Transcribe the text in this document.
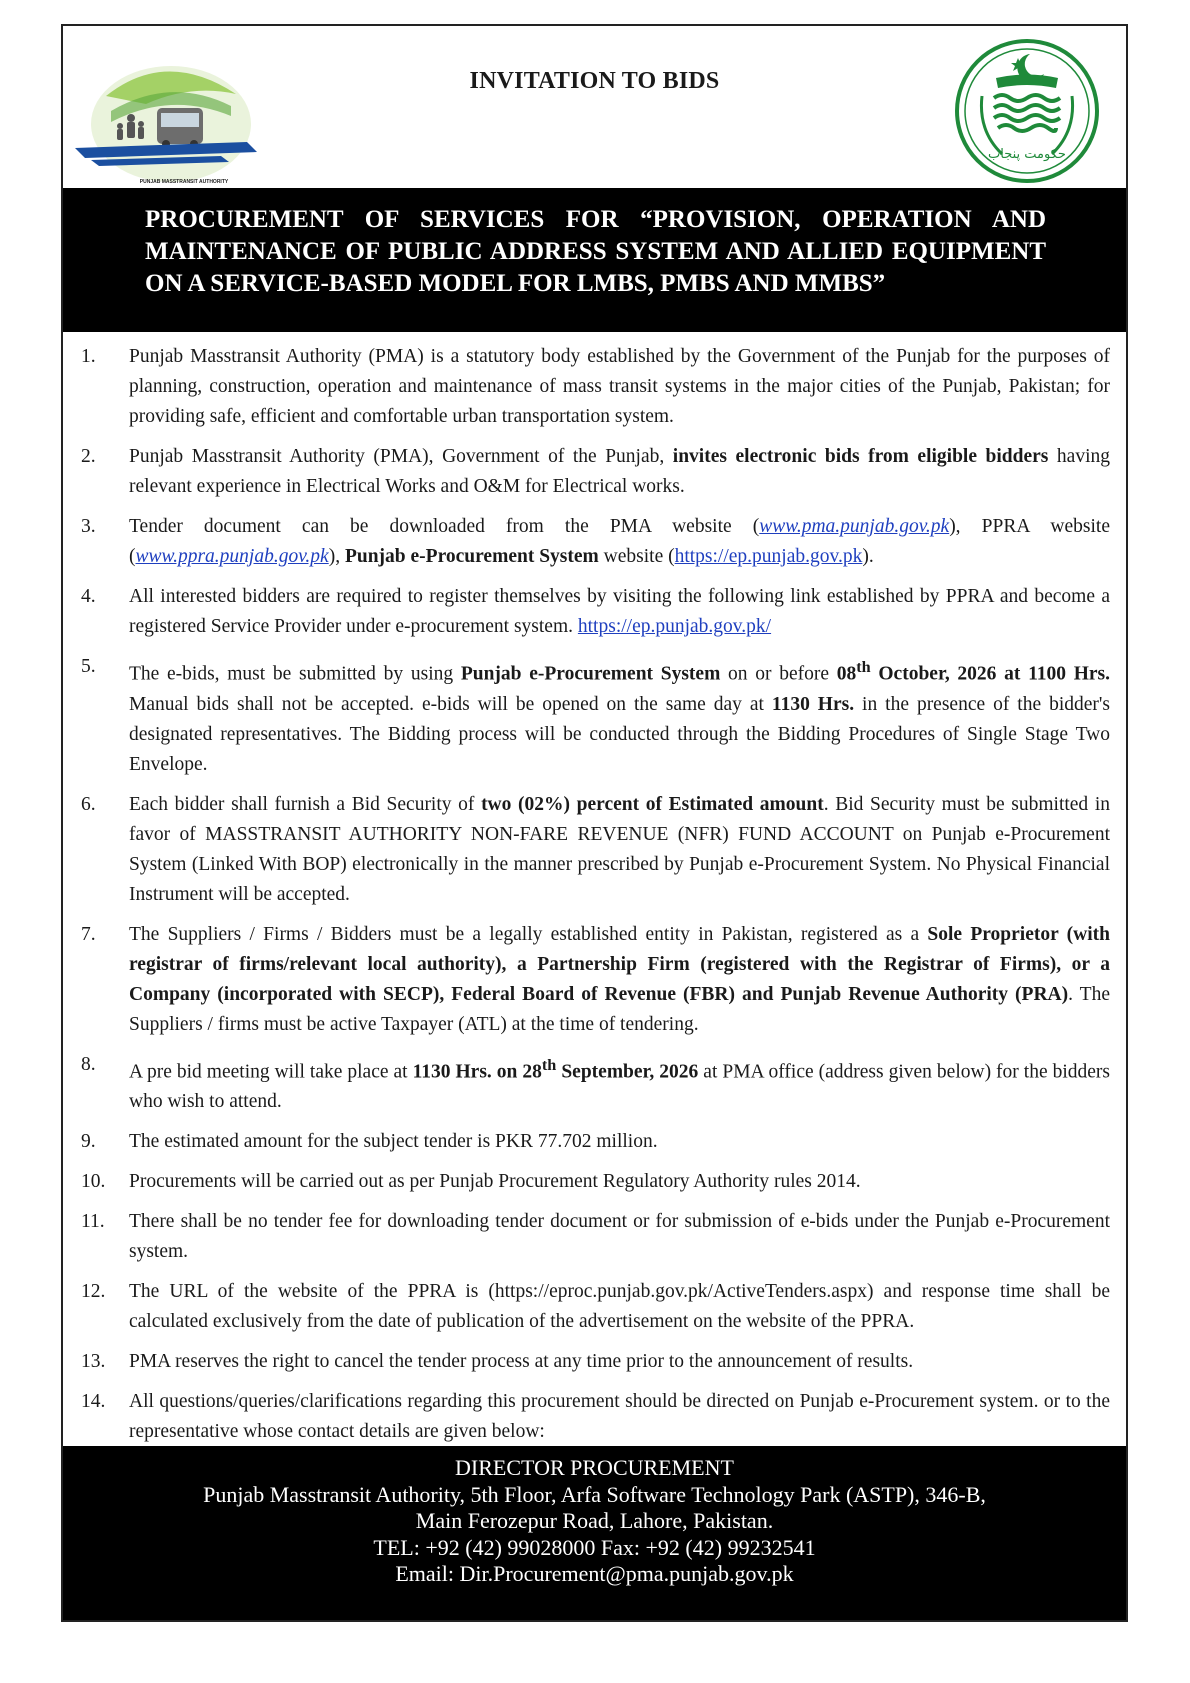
PUNJAB MASSTRANSIT AUTHORITY
INVITATION TO BIDS
حکومت پنجاب
PROCUREMENT OF SERVICES FOR “PROVISION, OPERATION AND MAINTENANCE OF PUBLIC ADDRESS SYSTEM AND ALLIED EQUIPMENT ON A SERVICE-BASED MODEL FOR LMBS, PMBS AND MMBS”
1.	Punjab Masstransit Authority (PMA) is a statutory body established by the Government of the Punjab for the purposes of planning, construction, operation and maintenance of mass transit systems in the major cities of the Punjab, Pakistan; for providing safe, efficient and comfortable urban transportation system.
2.	Punjab Masstransit Authority (PMA), Government of the Punjab, invites electronic bids from eligible bidders having relevant experience in Electrical Works and O&M for Electrical works.
3.	Tender document can be downloaded from the PMA website (www.pma.punjab.gov.pk), PPRA website (www.ppra.punjab.gov.pk), Punjab e-Procurement System website (https://ep.punjab.gov.pk).
4.	All interested bidders are required to register themselves by visiting the following link established by PPRA and become a registered Service Provider under e-procurement system. https://ep.punjab.gov.pk/
5.	The e-bids, must be submitted by using Punjab e-Procurement System on or before 08th October, 2026 at 1100 Hrs. Manual bids shall not be accepted. e-bids will be opened on the same day at 1130 Hrs. in the presence of the bidder's designated representatives. The Bidding process will be conducted through the Bidding Procedures of Single Stage Two Envelope.
6.	Each bidder shall furnish a Bid Security of two (02%) percent of Estimated amount. Bid Security must be submitted in favor of MASSTRANSIT AUTHORITY NON-FARE REVENUE (NFR) FUND ACCOUNT on Punjab e-Procurement System (Linked With BOP) electronically in the manner prescribed by Punjab e-Procurement System. No Physical Financial Instrument will be accepted.
7.	The Suppliers / Firms / Bidders must be a legally established entity in Pakistan, registered as a Sole Proprietor (with registrar of firms/relevant local authority), a Partnership Firm (registered with the Registrar of Firms), or a Company (incorporated with SECP), Federal Board of Revenue (FBR) and Punjab Revenue Authority (PRA). The Suppliers / firms must be active Taxpayer (ATL) at the time of tendering.
8.	A pre bid meeting will take place at 1130 Hrs. on 28th September, 2026 at PMA office (address given below) for the bidders who wish to attend.
9.	The estimated amount for the subject tender is PKR 77.702 million.
10.	Procurements will be carried out as per Punjab Procurement Regulatory Authority rules 2014.
11.	There shall be no tender fee for downloading tender document or for submission of e-bids under the Punjab e-Procurement system.
12.	The URL of the website of the PPRA is (https://eproc.punjab.gov.pk/ActiveTenders.aspx) and response time shall be calculated exclusively from the date of publication of the advertisement on the website of the PPRA.
13.	PMA reserves the right to cancel the tender process at any time prior to the announcement of results.
14.	All questions/queries/clarifications regarding this procurement should be directed on Punjab e-Procurement system. or to the representative whose contact details are given below:
DIRECTOR PROCUREMENT
Punjab Masstransit Authority, 5th Floor, Arfa Software Technology Park (ASTP), 346-B,
Main Ferozepur Road, Lahore, Pakistan.
TEL: +92 (42) 99028000 Fax: +92 (42) 99232541
Email: Dir.Procurement@pma.punjab.gov.pk
